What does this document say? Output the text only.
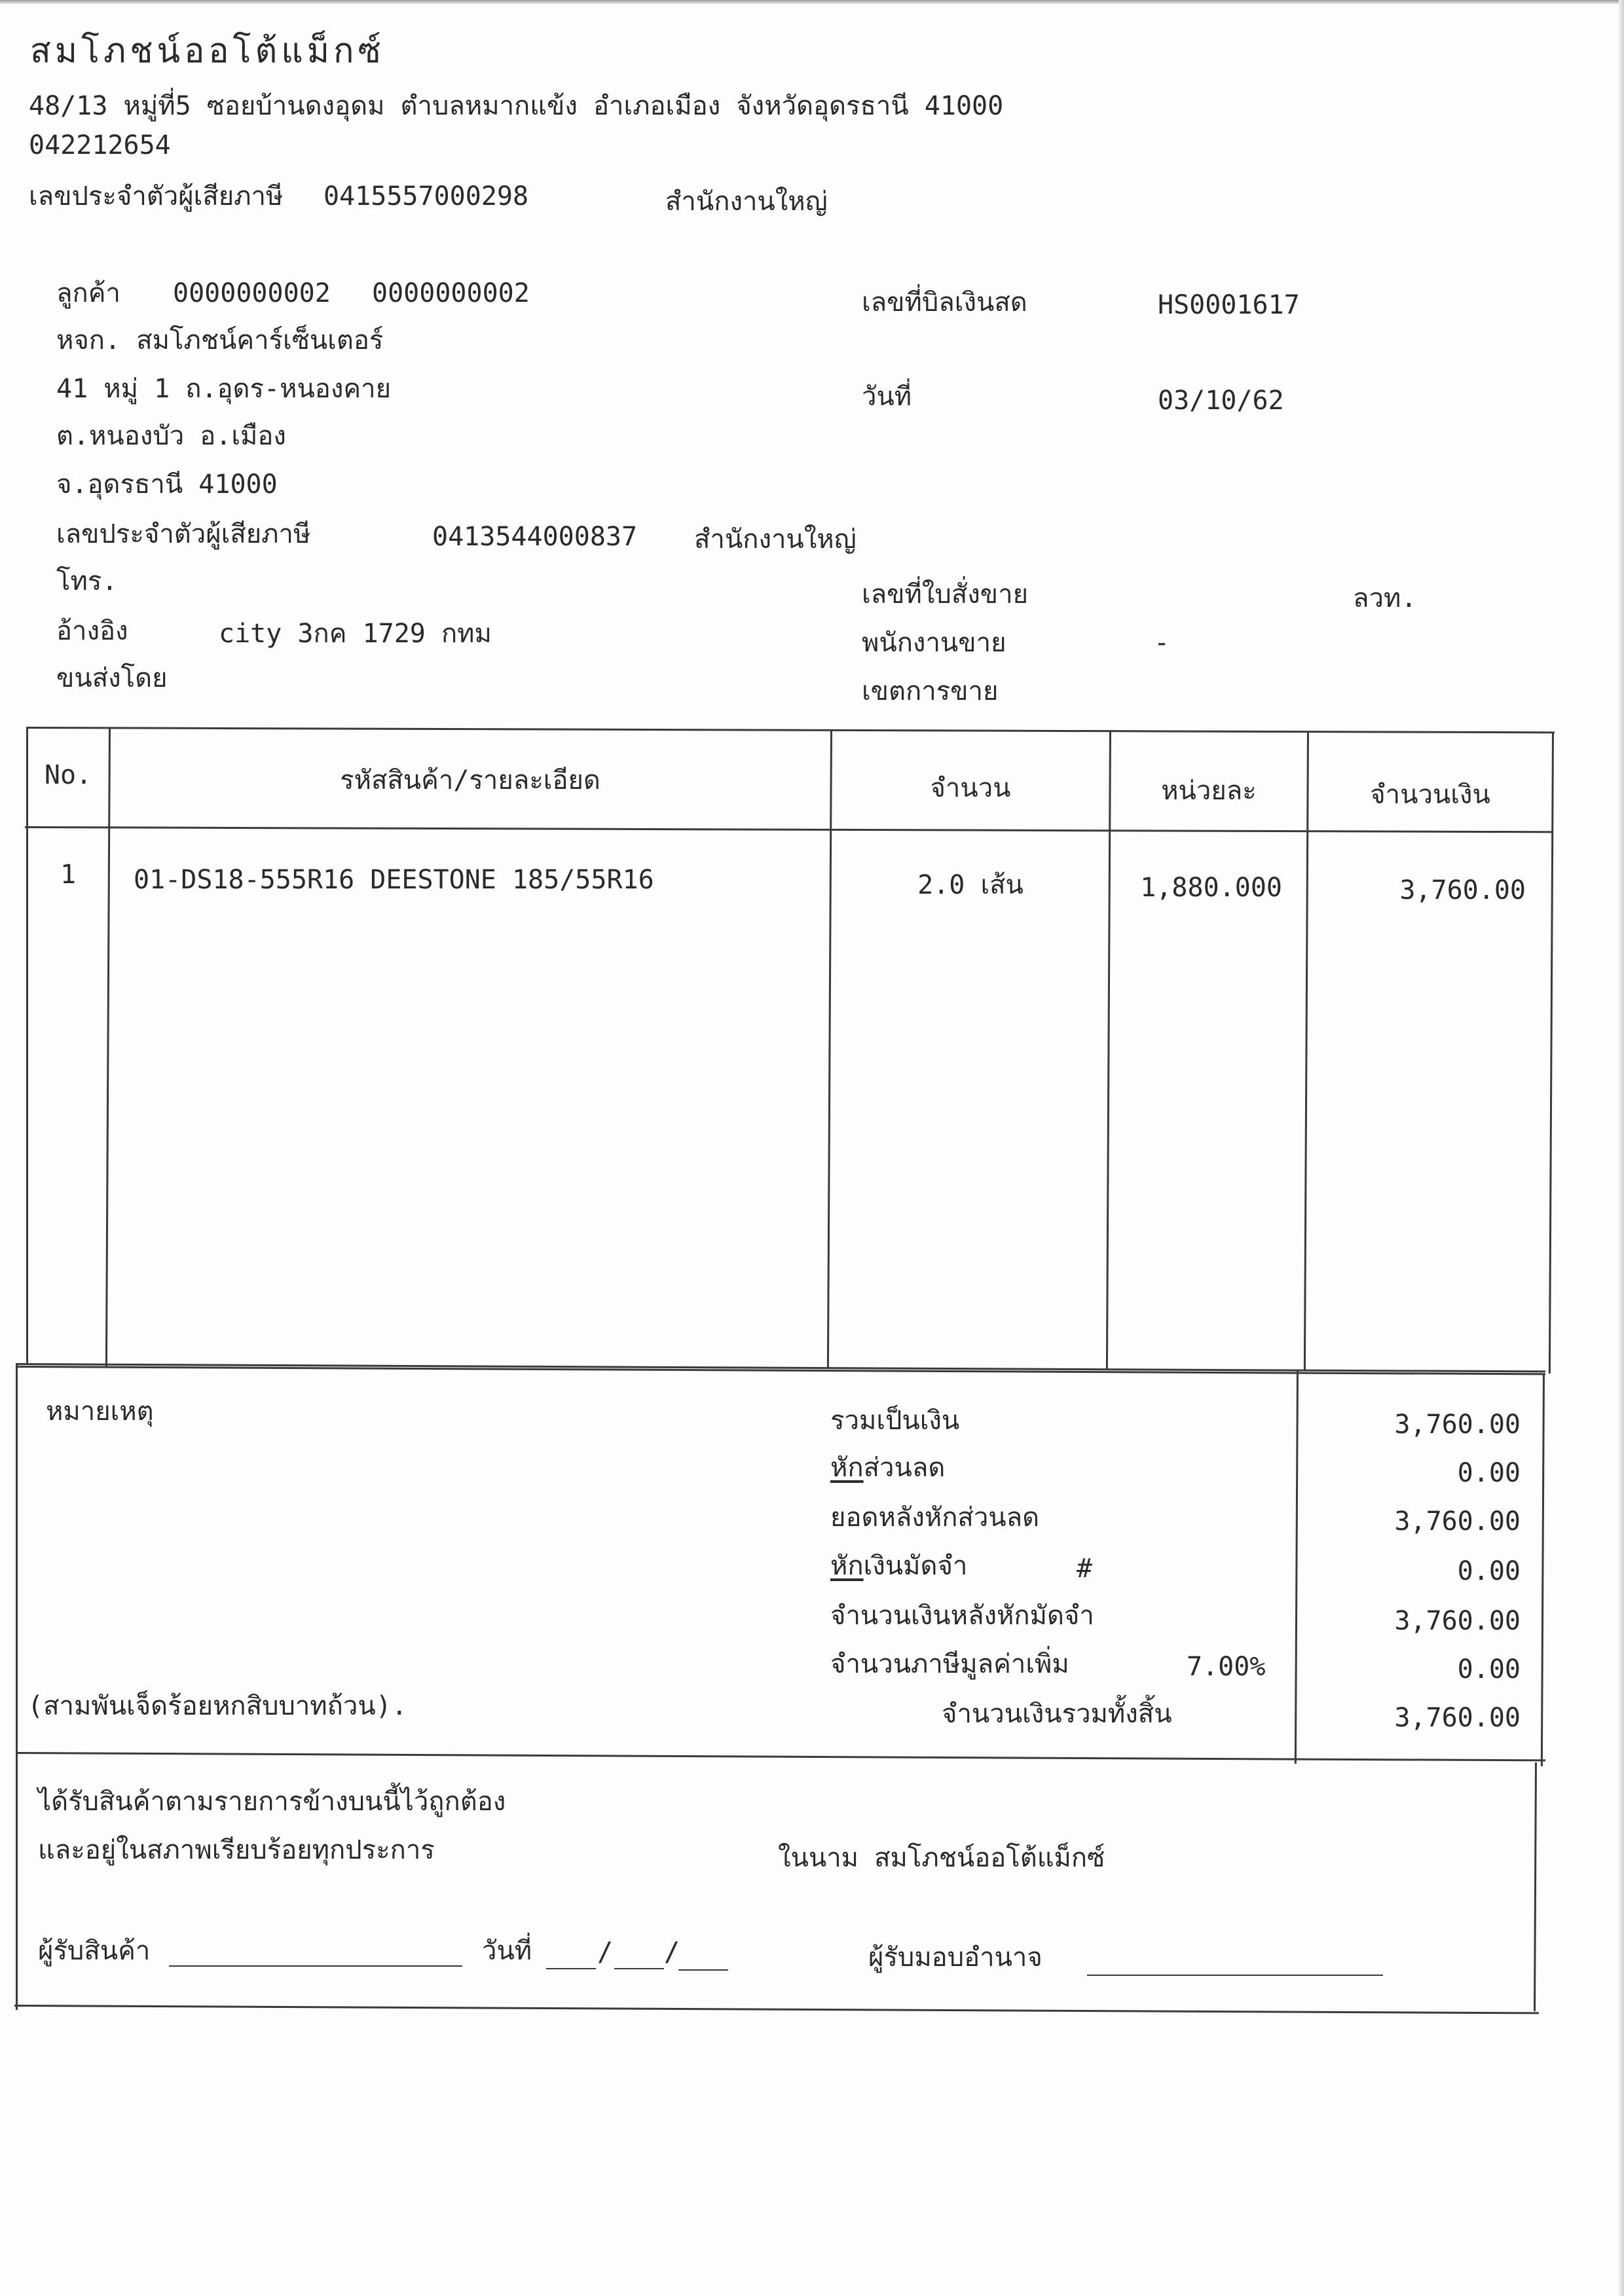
สมโภชน์ออโต้แม็กซ์
48/13 หมู่ที่5 ซอยบ้านดงอุดม ตำบลหมากแข้ง อำเภอเมือง จังหวัดอุดรธานี 41000
042212654
เลขประจำตัวผู้เสียภาษี 0415557000298	สำนักงานใหญ่
ลูกค้า 0000000002 0000000002
หจก. สมโภชน์คาร์เซ็นเตอร์
41 หมู่ 1 ถ.อุดร-หนองคาย
ต.หนองบัว อ.เมือง
จ.อุดรธานี 41000
เลขประจำตัวผู้เสียภาษี	0413544000837 สำนักงานใหญ่
โทร.
อ้างอิง	city 3กค 1729 กทม
ขนส่งโดย
เลขที่บิลเงินสด	HS0001617
วันที่	03/10/62
เลขที่ใบสั่งขาย	ลวท.
พนักงานขาย	-
เขตการขาย
No.	รหัสสินค้า/รายละเอียด	จำนวน	หน่วยละ	จำนวนเงิน
1	01-DS18-555R16 DEESTONE 185/55R16	2.0 เส้น	1,880.000	3,760.00
หมายเหตุ	รวมเป็นเงิน	3,760.00
หักส่วนลด	0.00
ยอดหลังหักส่วนลด	3,760.00
หักเงินมัดจำ	#	0.00
จำนวนเงินหลังหักมัดจำ	3,760.00
จำนวนภาษีมูลค่าเพิ่ม	7.00%	0.00
(สามพันเจ็ดร้อยหกสิบบาทถ้วน).	จำนวนเงินรวมทั้งสิ้น	3,760.00
ได้รับสินค้าตามรายการข้างบนนี้ไว้ถูกต้อง
และอยู่ในสภาพเรียบร้อยทุกประการ	ในนาม สมโภชน์ออโต้แม็กซ์
ผู้รับสินค้า	วันที่ / /	ผู้รับมอบอำนาจ
